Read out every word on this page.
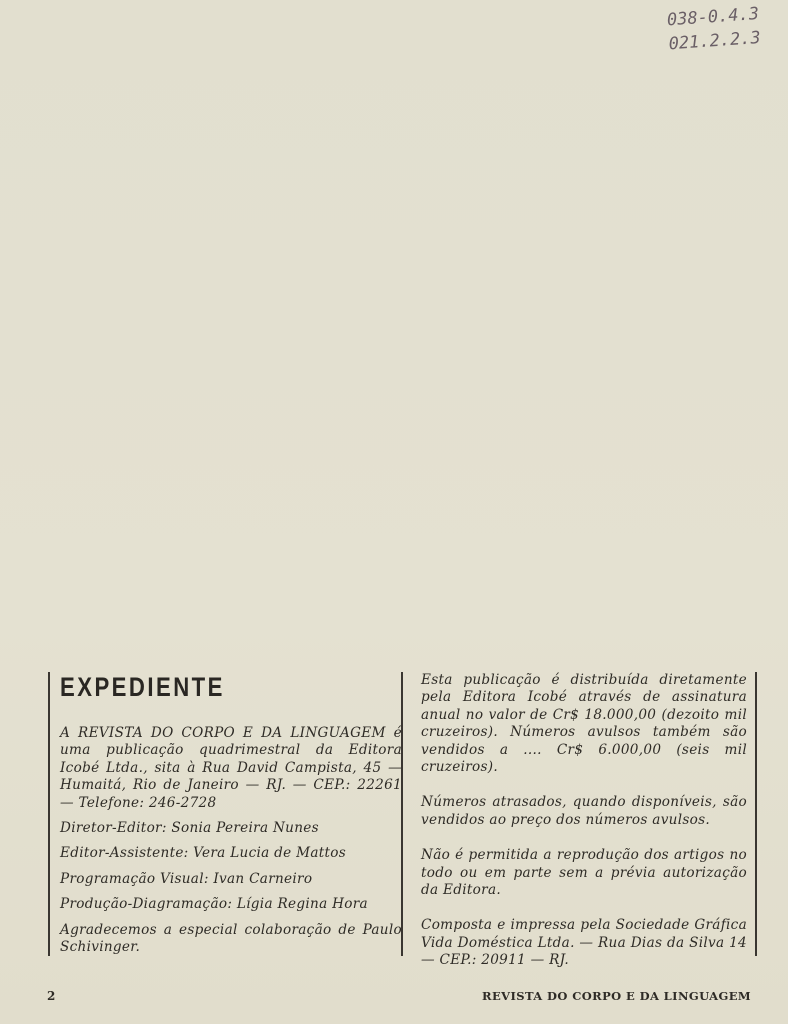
038-0.4.3
021.2.2.3
EXPEDIENTE

A REVISTA DO CORPO E DA LINGUAGEM é uma publicação quadrimestral da Editora Icobé Ltda., sita à Rua David Campista, 45 — Humaitá, Rio de Janeiro — RJ. — CEP.: 22261 — Telefone: 246-2728

Diretor-Editor: Sonia Pereira Nunes

Editor-Assistente: Vera Lucia de Mattos

Programação Visual: Ivan Carneiro

Produção-Diagramação: Lígia Regina Hora

Agradecemos a especial colaboração de Paulo Schivinger.

Esta publicação é distribuída diretamente pela Editora Icobé através de assinatura anual no valor de Cr$ 18.000,00 (dezoito mil cruzeiros). Números avulsos também são vendidos a .... Cr$ 6.000,00 (seis mil cruzeiros).

Números atrasados, quando disponíveis, são vendidos ao preço dos números avulsos.

Não é permitida a reprodução dos artigos no todo ou em parte sem a prévia autorização da Editora.

Composta e impressa pela Sociedade Gráfica Vida Doméstica Ltda. — Rua Dias da Silva 14 — CEP.: 20911 — RJ.

2	REVISTA DO CORPO E DA LINGUAGEM
